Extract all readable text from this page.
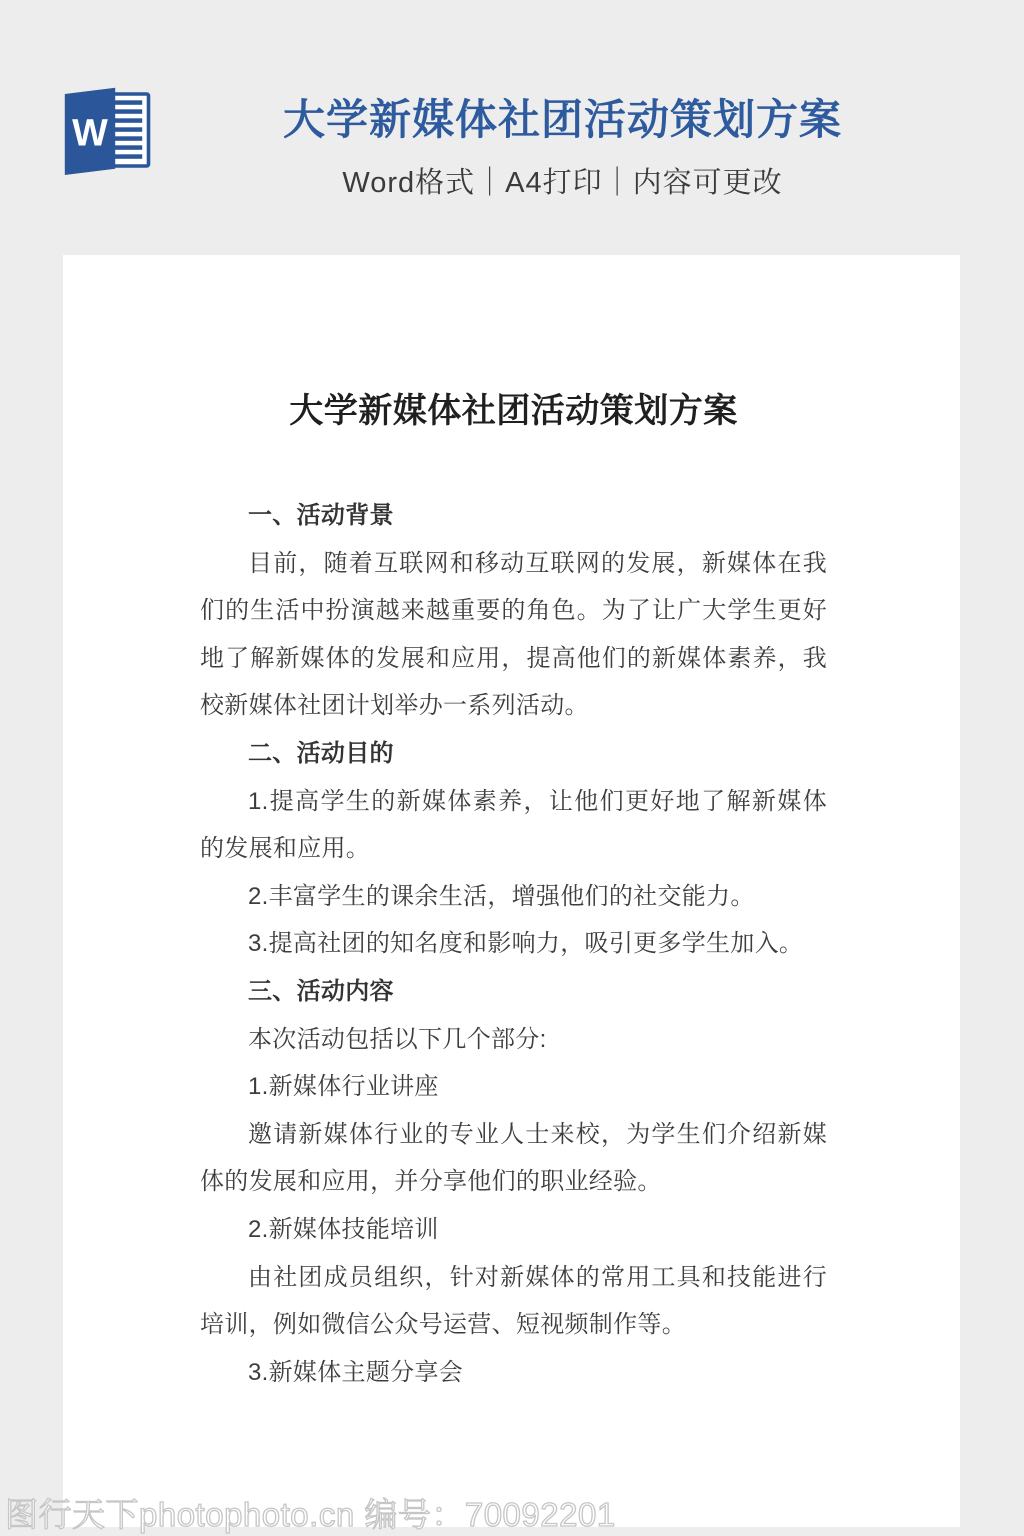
W	大学新媒体社团活动策划方案
Word格式｜A4打印｜内容可更改
大学新媒体社团活动策划方案

一、活动背景

目前，随着互联网和移动互联网的发展，新媒体在我们的生活中扮演越来越重要的角色。为了让广大学生更好地了解新媒体的发展和应用，提高他们的新媒体素养，我校新媒体社团计划举办一系列活动。

二、活动目的

1.提高学生的新媒体素养，让他们更好地了解新媒体的发展和应用。

2.丰富学生的课余生活，增强他们的社交能力。

3.提高社团的知名度和影响力，吸引更多学生加入。

三、活动内容

本次活动包括以下几个部分:

1.新媒体行业讲座

邀请新媒体行业的专业人士来校，为学生们介绍新媒体的发展和应用，并分享他们的职业经验。

2.新媒体技能培训

由社团成员组织，针对新媒体的常用工具和技能进行培训，例如微信公众号运营、短视频制作等。

3.新媒体主题分享会

图行天下photophoto.cn 编号：70092201
